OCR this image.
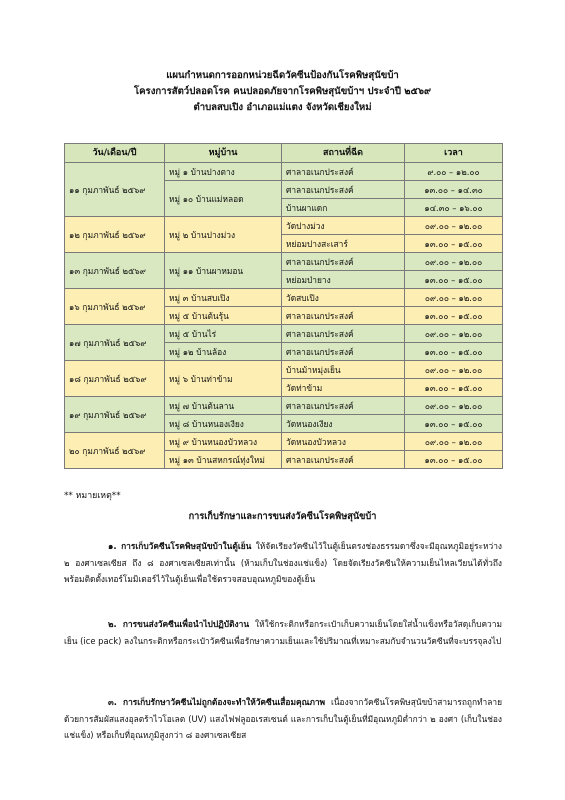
แผนกำหนดการออกหน่วยฉีดวัคซีนป้องกันโรคพิษสุนัขบ้า
โครงการสัตว์ปลอดโรค คนปลอดภัยจากโรคพิษสุนัขบ้าฯ ประจำปี ๒๕๖๙
ตำบลสบเปิง อำเภอแม่แตง จังหวัดเชียงใหม่
วัน/เดือน/ปี	หมู่บ้าน	สถานที่ฉีด	เวลา
๑๑ กุมภาพันธ์ ๒๕๖๙	หมู่ ๑ บ้านปางตาง	ศาลาอเนกประสงค์	๙.๐๐ – ๑๒.๐๐
	หมู่ ๑๐ บ้านแม่หลอด	ศาลาอเนกประสงค์	๑๓.๐๐ – ๑๔.๓๐
		บ้านผาแดก	๑๔.๓๐ – ๑๖.๐๐
๑๒ กุมภาพันธ์ ๒๕๖๙	หมู่ ๒ บ้านปางม่วง	วัดปางม่วง	๐๙.๐๐ – ๑๒.๐๐
		หย่อมปางสะเสาร์	๑๓.๐๐ – ๑๕.๐๐
๑๓ กุมภาพันธ์ ๒๕๖๙	หมู่ ๑๑ บ้านผาหมอน	ศาลาอเนกประสงค์	๐๙.๐๐ – ๑๒.๐๐
		หย่อมป่ายาง	๑๓.๐๐ – ๑๕.๐๐
๑๖ กุมภาพันธ์ ๒๕๖๙	หมู่ ๓ บ้านสบเปิง	วัดสบเปิง	๐๙.๐๐ – ๑๒.๐๐
	หมู่ ๕ บ้านต้นรุ้น	ศาลาอเนกประสงค์	๑๓.๐๐ – ๑๕.๐๐
๑๗ กุมภาพันธ์ ๒๕๖๙	หมู่ ๕ บ้านไร่	ศาลาอเนกประสงค์	๐๙.๐๐ – ๑๒.๐๐
	หมู่ ๑๒ บ้านล้อง	ศาลาอเนกประสงค์	๑๓.๐๐ – ๑๕.๐๐
๑๘ กุมภาพันธ์ ๒๕๖๙	หมู่ ๖ บ้านท่าข้าม	บ้านม้าหมุ่งเย็น	๐๙.๐๐ – ๑๒.๐๐
		วัดท่าข้าม	๑๓.๐๐ – ๑๕.๐๐
๑๙ กุมภาพันธ์ ๒๕๖๙	หมู่ ๗ บ้านต้นลาน	ศาลาอเนกประสงค์	๐๙.๐๐ – ๑๒.๐๐
	หมู่ ๘ บ้านหนองเงียง	วัดหนองเงียง	๑๓.๐๐ – ๑๕.๐๐
๒๐ กุมภาพันธ์ ๒๕๖๙	หมู่ ๙ บ้านหนองบัวหลวง	วัดหนองบัวหลวง	๐๙.๐๐ – ๑๒.๐๐
	หมู่ ๑๓ บ้านสหกรณ์ทุ่งใหม่	ศาลาอเนกประสงค์	๑๓.๐๐ – ๑๕.๐๐
** หมายเหตุ**
การเก็บรักษาและการขนส่งวัคซีนโรคพิษสุนัขบ้า

๑. การเก็บวัคซีนโรคพิษสุนัขบ้าในตู้เย็น ให้จัดเรียงวัคซีนไว้ในตู้เย็นตรงช่องธรรมดาซึ่งจะมีอุณหภูมิอยู่ระหว่าง ๒ องศาเซลเซียส ถึง ๘ องศาเซลเซียสเท่านั้น (ห้ามเก็บในช่องแช่แข็ง) โดยจัดเรียงวัคซีนให้ความเย็นไหลเวียนได้ทั่วถึง พร้อมติดตั้งเทอร์โมมิเตอร์ไว้ในตู้เย็นเพื่อใช้ตรวจสอบอุณหภูมิของตู้เย็น

๒. การขนส่งวัคซีนเพื่อนำไปปฏิบัติงาน ให้ใช้กระติกหรือกระเป๋าเก็บความเย็นโดยใส่น้ำแข็งหรือวัสดุเก็บความเย็น (ice pack) ลงในกระติกหรือกระเป๋าวัคซีนเพื่อรักษาความเย็นและใช้ปริมาณที่เหมาะสมกับจำนวนวัคซีนที่จะบรรจุลงไป

๓. การเก็บรักษาวัคซีนไม่ถูกต้องจะทำให้วัคซีนเสื่อมคุณภาพ เนื่องจากวัคซีนโรคพิษสุนัขบ้าสามารถถูกทำลายด้วยการสัมผัสแสงอุลตร้าไวโอเลต (UV) แสงไฟฟลูออเรสเซนต์ และการเก็บในตู้เย็นที่มีอุณหภูมิต่ำกว่า ๒ องศา (เก็บในช่องแช่แข็ง) หรือเก็บที่อุณหภูมิสูงกว่า ๘ องศาเซลเซียส
